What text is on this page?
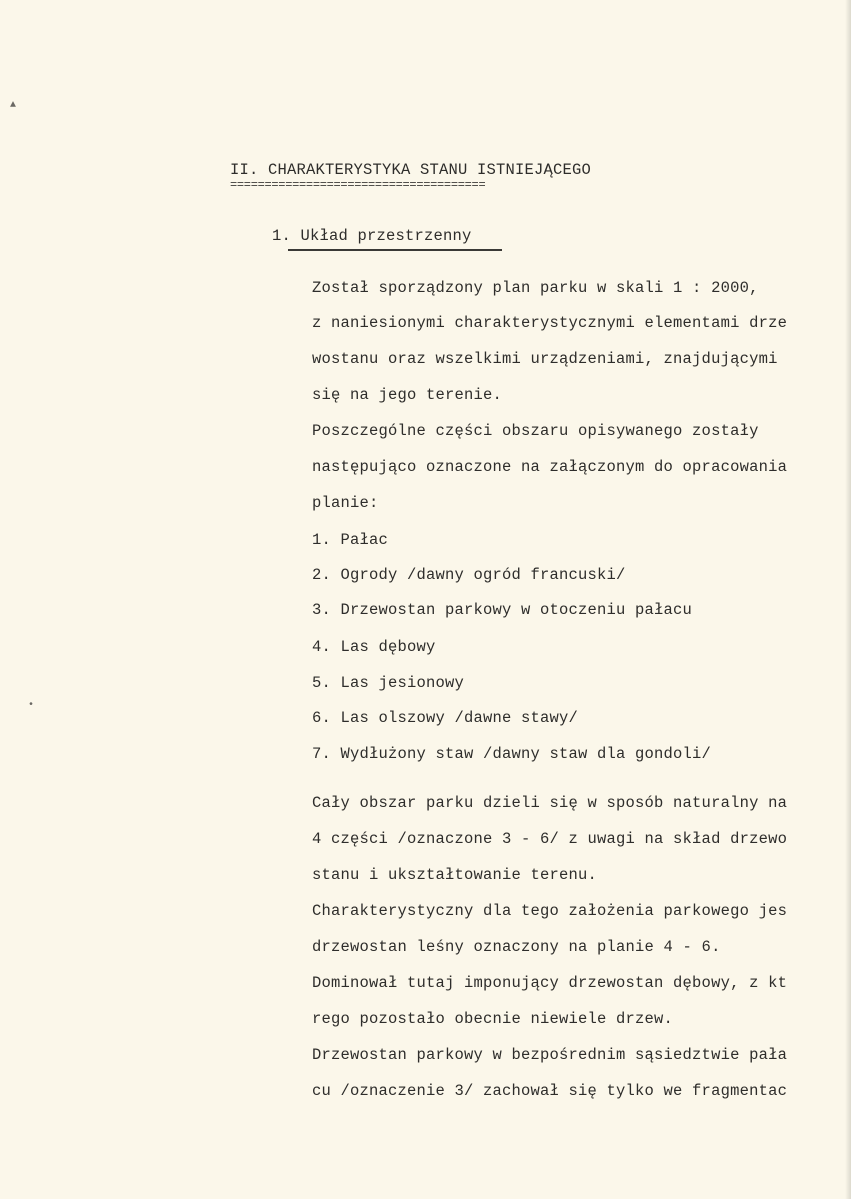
II. CHARAKTERYSTYKA STANU ISTNIEJĄCEGO
=====================================
1. Układ przestrzenny
Został sporządzony plan parku w skali 1 : 2000,
z naniesionymi charakterystycznymi elementami drze
wostanu oraz wszelkimi urządzeniami, znajdującymi
się na jego terenie.
Poszczególne części obszaru opisywanego zostały
następująco oznaczone na załączonym do opracowania
planie:
1. Pałac
2. Ogrody /dawny ogród francuski/
3. Drzewostan parkowy w otoczeniu pałacu
4. Las dębowy
5. Las jesionowy
6. Las olszowy /dawne stawy/
7. Wydłużony staw /dawny staw dla gondoli/
Cały obszar parku dzieli się w sposób naturalny na
4 części /oznaczone 3 - 6/ z uwagi na skład drzewo
stanu i ukształtowanie terenu.
Charakterystyczny dla tego założenia parkowego jes
drzewostan leśny oznaczony na planie 4 - 6.
Dominował tutaj imponujący drzewostan dębowy, z kt
rego pozostało obecnie niewiele drzew.
Drzewostan parkowy w bezpośrednim sąsiedztwie pała
cu /oznaczenie 3/ zachował się tylko we fragmentac
▲
•
